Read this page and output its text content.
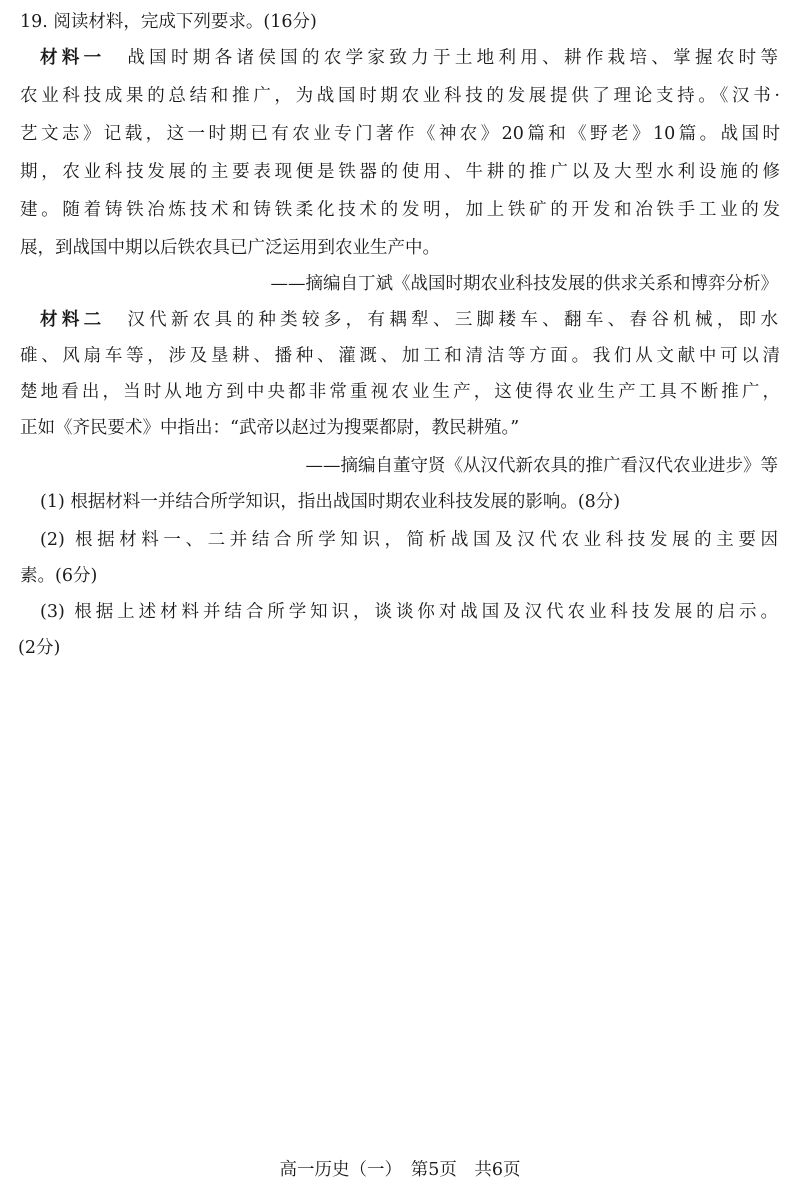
19. 阅读材料，完成下列要求。(16分)
材料一　 战国时期各诸侯国的农学家致力于土地利用、耕作栽培、掌握农时等
农业科技成果的总结和推广，为战国时期农业科技的发展提供了理论支持。《汉书·
艺文志》记载，这一时期已有农业专门著作《神农》20篇和《野老》10篇。战国时
期，农业科技发展的主要表现便是铁器的使用、牛耕的推广以及大型水利设施的修
建。随着铸铁冶炼技术和铸铁柔化技术的发明，加上铁矿的开发和冶铁手工业的发
展，到战国中期以后铁农具已广泛运用到农业生产中。
——摘编自丁斌《战国时期农业科技发展的供求关系和博弈分析》
材料二　 汉代新农具的种类较多，有耦犁、三脚耧车、翻车、舂谷机械，即水
碓、风扇车等，涉及垦耕、播种、灌溉、加工和清洁等方面。我们从文献中可以清
楚地看出，当时从地方到中央都非常重视农业生产，这使得农业生产工具不断推广，
正如《齐民要术》中指出：“武帝以赵过为搜粟都尉，教民耕殖。”
——摘编自董守贤《从汉代新农具的推广看汉代农业进步》等
(1) 根据材料一并结合所学知识，指出战国时期农业科技发展的影响。(8分)
(2) 根据材料一、二并结合所学知识，简析战国及汉代农业科技发展的主要因
素。(6分)
(3) 根据上述材料并结合所学知识，谈谈你对战国及汉代农业科技发展的启示。
(2分)
高一历史（一）　第5页　共6页
